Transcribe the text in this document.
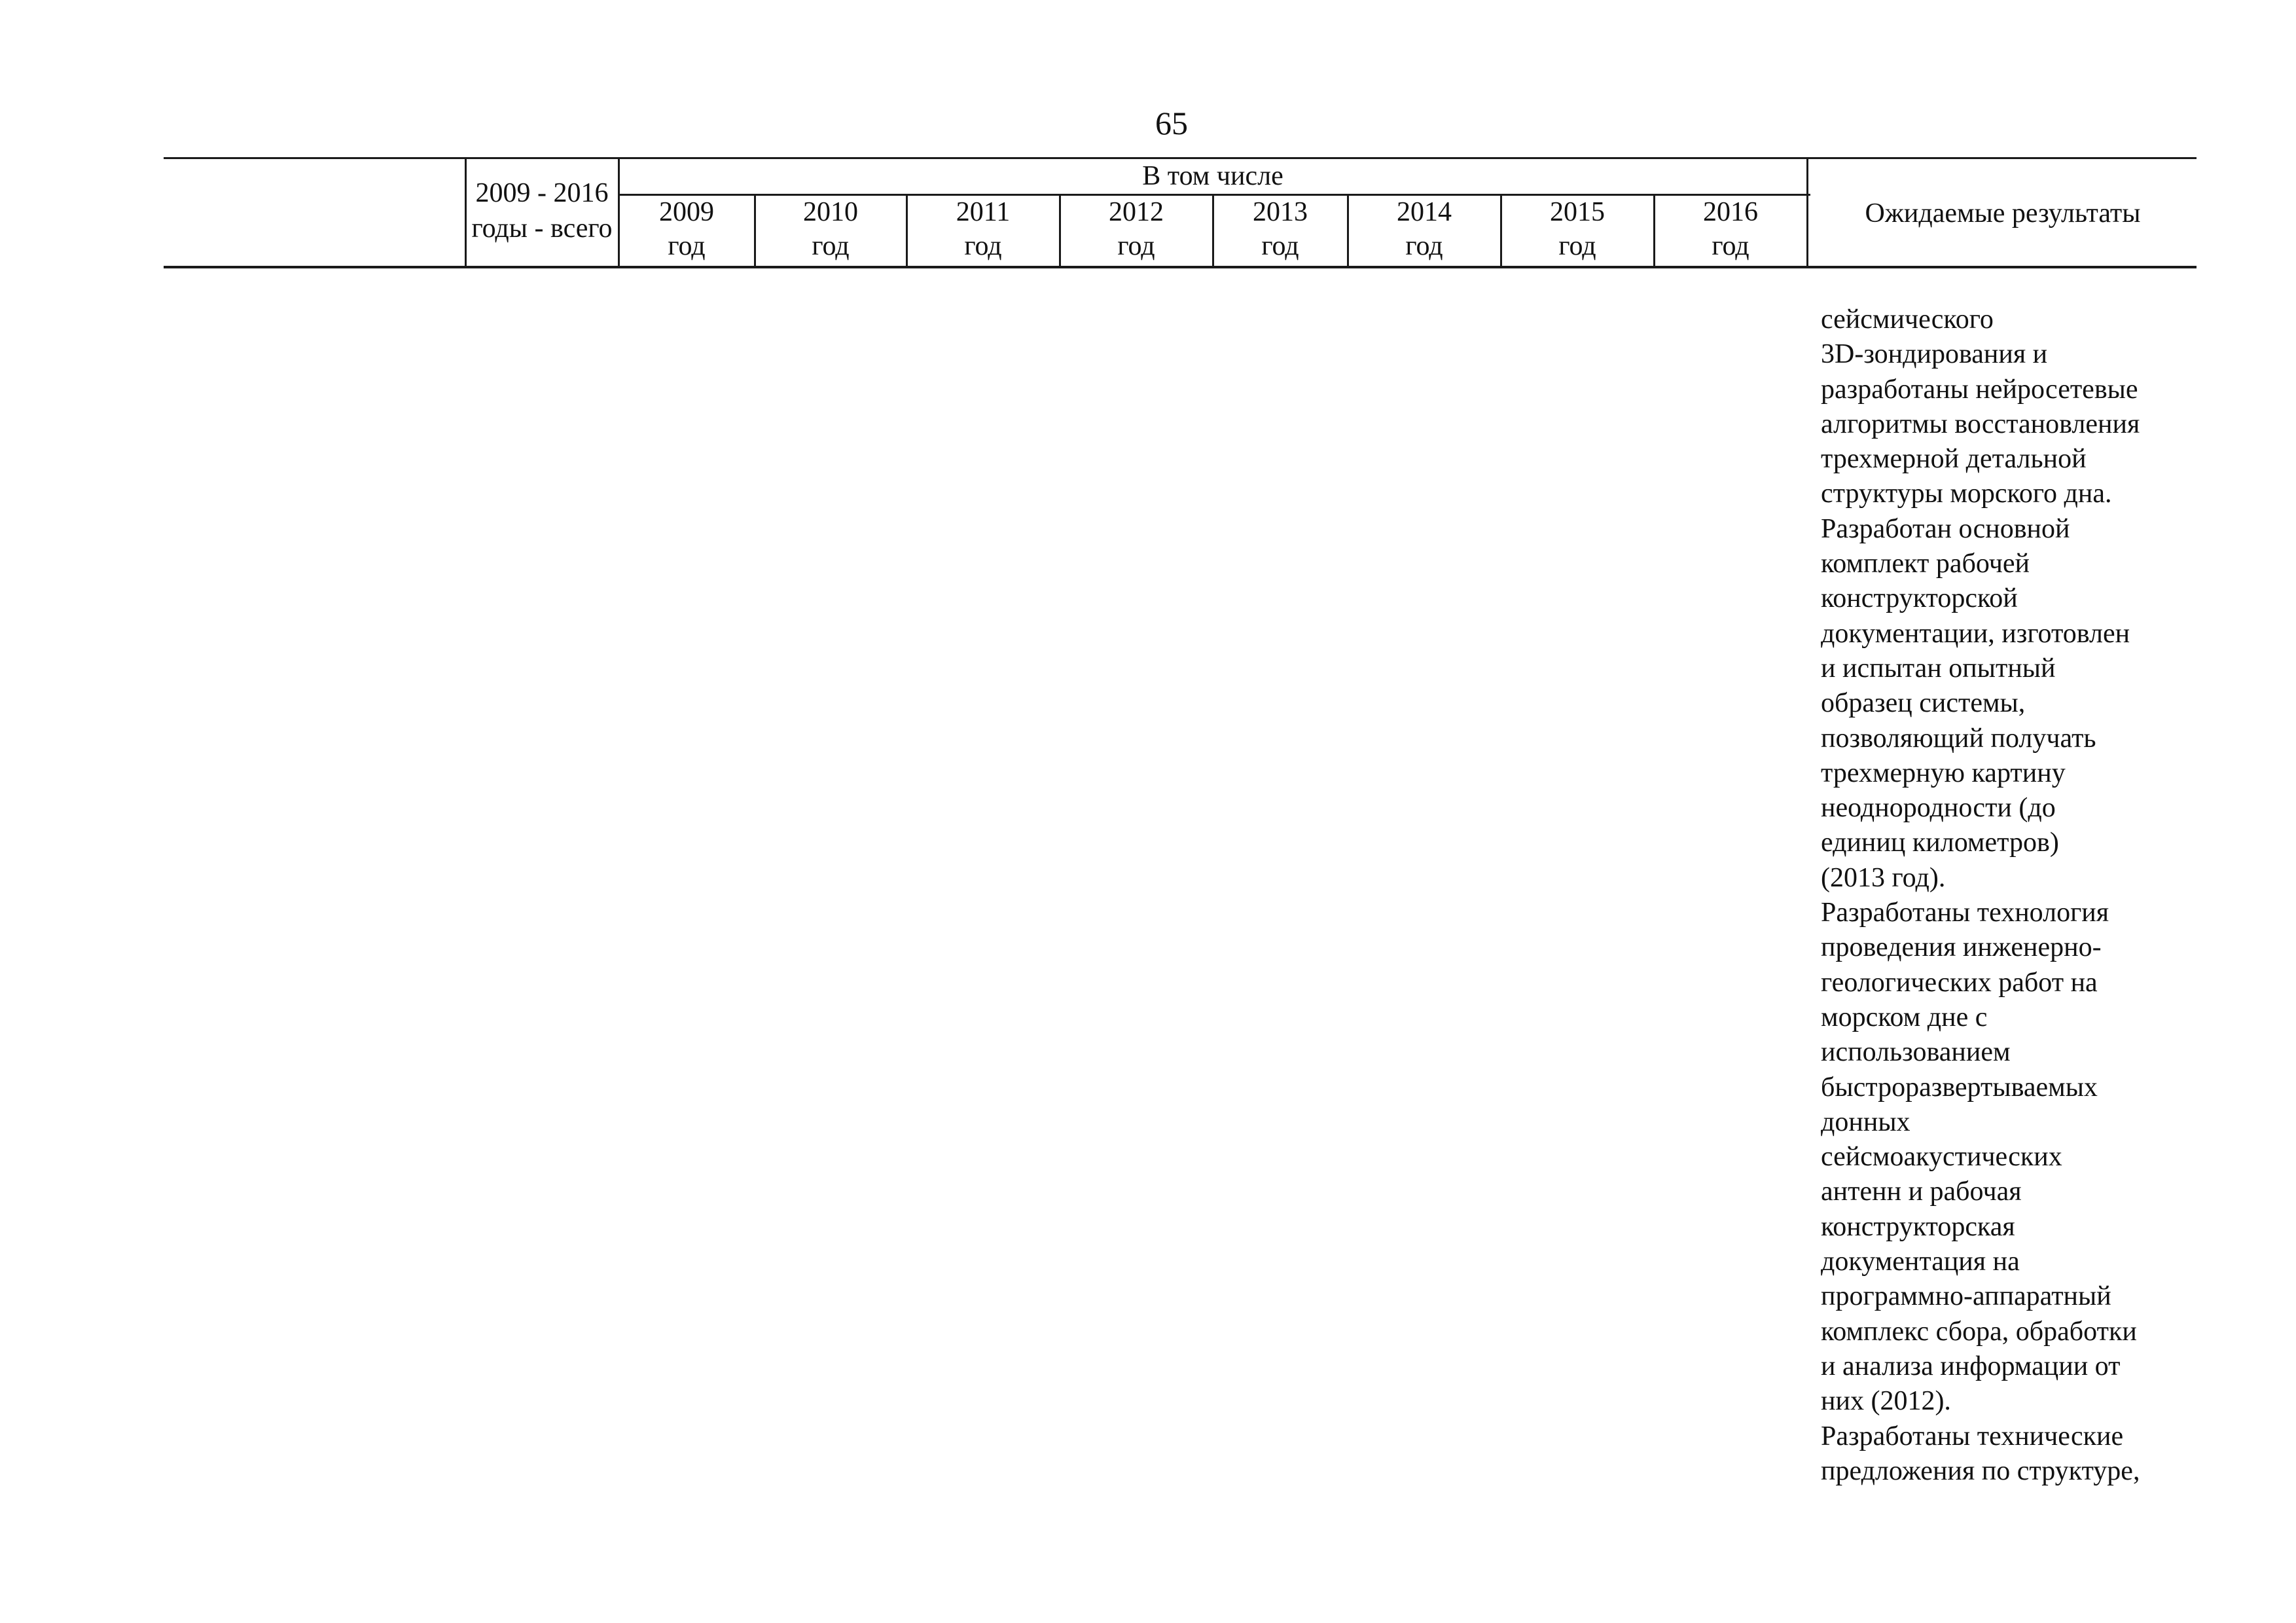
65
2009 - 2016
годы - всего
В том числе
2009
год
2010
год
2011
год
2012
год
2013
год
2014
год
2015
год
2016
год
Ожидаемые результаты
сейсмического
3D-зондирования и
разработаны нейросетевые
алгоритмы восстановления
трехмерной детальной
структуры морского дна.
Разработан основной
комплект рабочей
конструкторской
документации, изготовлен
и испытан опытный
образец системы,
позволяющий получать
трехмерную картину
неоднородности (до
единиц километров)
(2013 год).
Разработаны технология
проведения инженерно-
геологических работ на
морском дне с
использованием
быстроразвертываемых
донных
сейсмоакустических
антенн и рабочая
конструкторская
документация на
программно-аппаратный
комплекс сбора, обработки
и анализа информации от
них (2012).
Разработаны технические
предложения по структуре,
